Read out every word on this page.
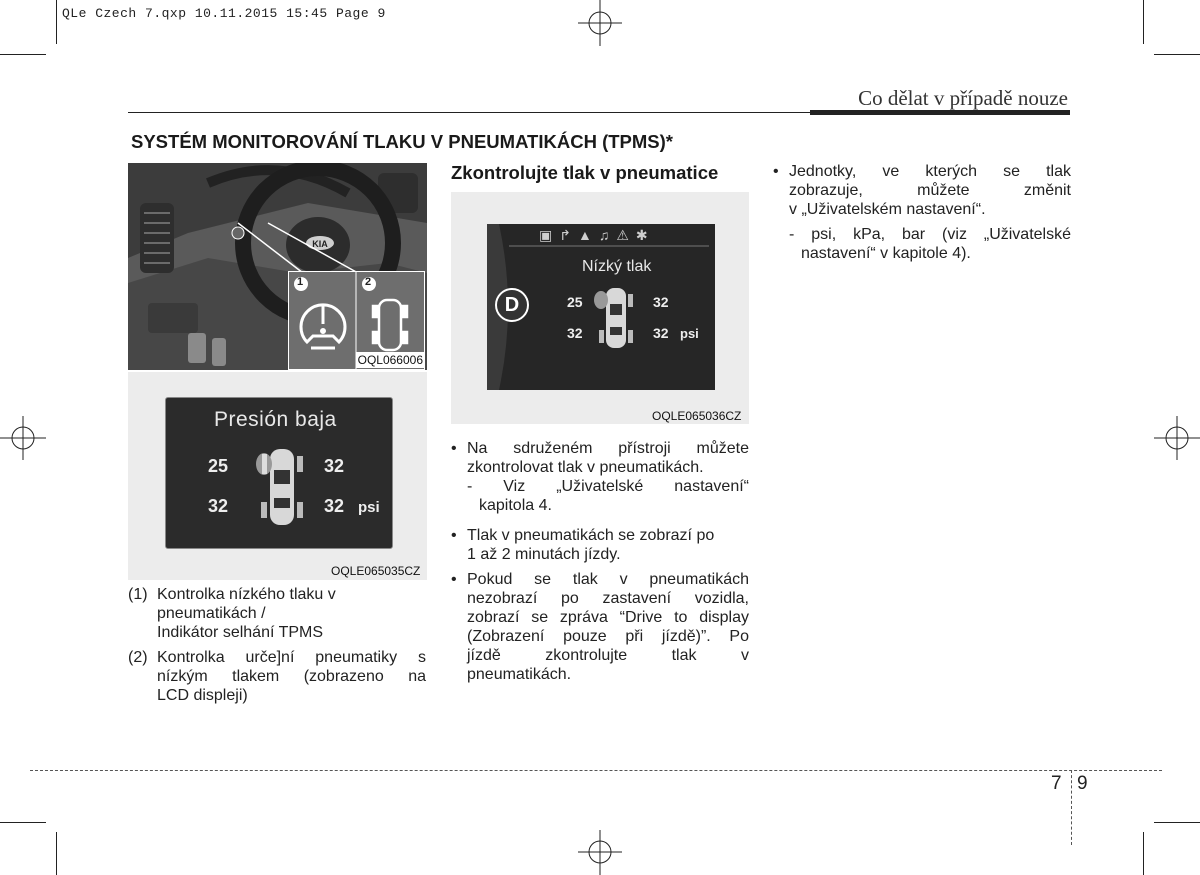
QLe Czech 7.qxp 10.11.2015 15:45 Page 9
Co dělat v případě nouze
SYSTÉM MONITOROVÁNÍ TLAKU V PNEUMATIKÁCH (TPMS)*
KIA
1	2
OQL066006
Presión baja
25	32
32	32 psi
OQLE065035CZ
(1) Kontrolka nízkého tlaku v
pneumatikách /
Indikátor selhání TPMS
(2) Kontrolka urče]ní pneumatiky s
nízkým tlakem (zobrazeno na
LCD displeji)
Zkontrolujte tlak v pneumatice
▣↱▲♫⚠✱
Nízký tlak
D	25	32
32	32 psi
OQLE065036CZ
• Na sdruženém přístroji můžete
zkontrolovat tlak v pneumatikách.
- Viz „Uživatelské nastavení“
kapitola 4.
• Tlak v pneumatikách se zobrazí po
1 až 2 minutách jízdy.
• Pokud se tlak v pneumatikách
nezobrazí po zastavení vozidla,
zobrazí se zpráva “Drive to display
(Zobrazení pouze při jízdě)”. Po
jízdě zkontrolujte tlak v
pneumatikách.
• Jednotky, ve kterých se tlak
zobrazuje, můžete změnit
v „Uživatelském nastavení“.
- psi, kPa, bar (viz „Uživatelské
nastavení“ v kapitole 4).
7 9
